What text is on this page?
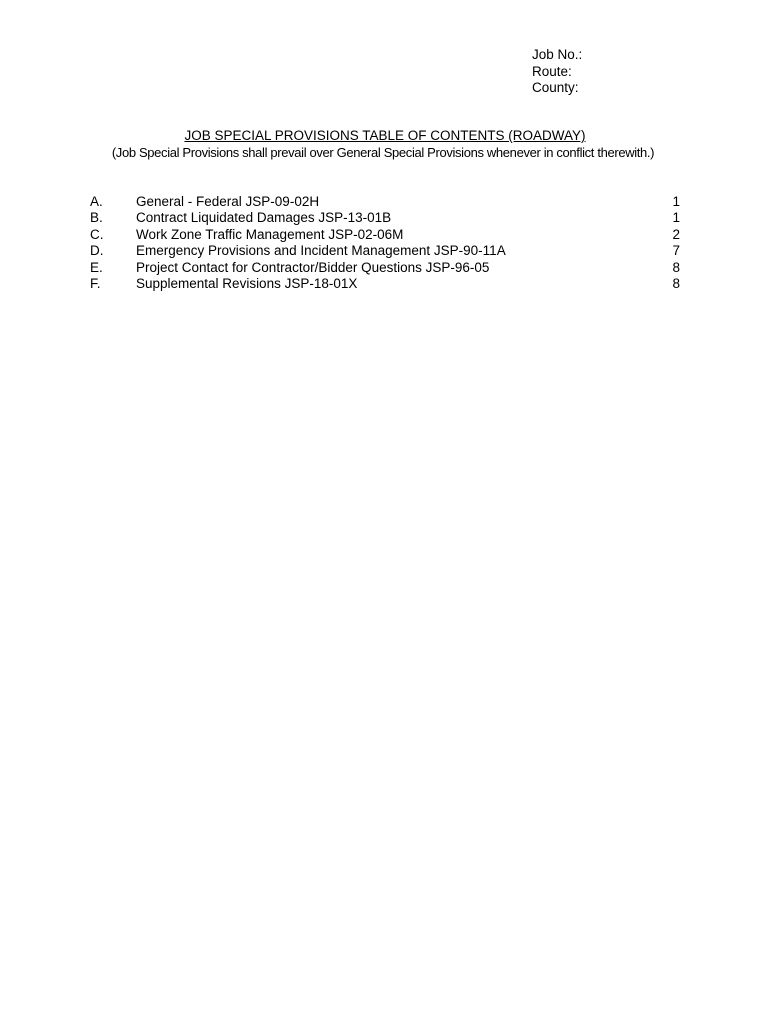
Job No.:
Route:
County:
JOB SPECIAL PROVISIONS TABLE OF CONTENTS (ROADWAY)
(Job Special Provisions shall prevail over General Special Provisions whenever in conflict therewith.)
A. General - Federal JSP-09-02H	1
B. Contract Liquidated Damages JSP-13-01B	1
C. Work Zone Traffic Management JSP-02-06M	2
D. Emergency Provisions and Incident Management JSP-90-11A	7
E. Project Contact for Contractor/Bidder Questions JSP-96-05	8
F.	Supplemental Revisions JSP-18-01X	8
